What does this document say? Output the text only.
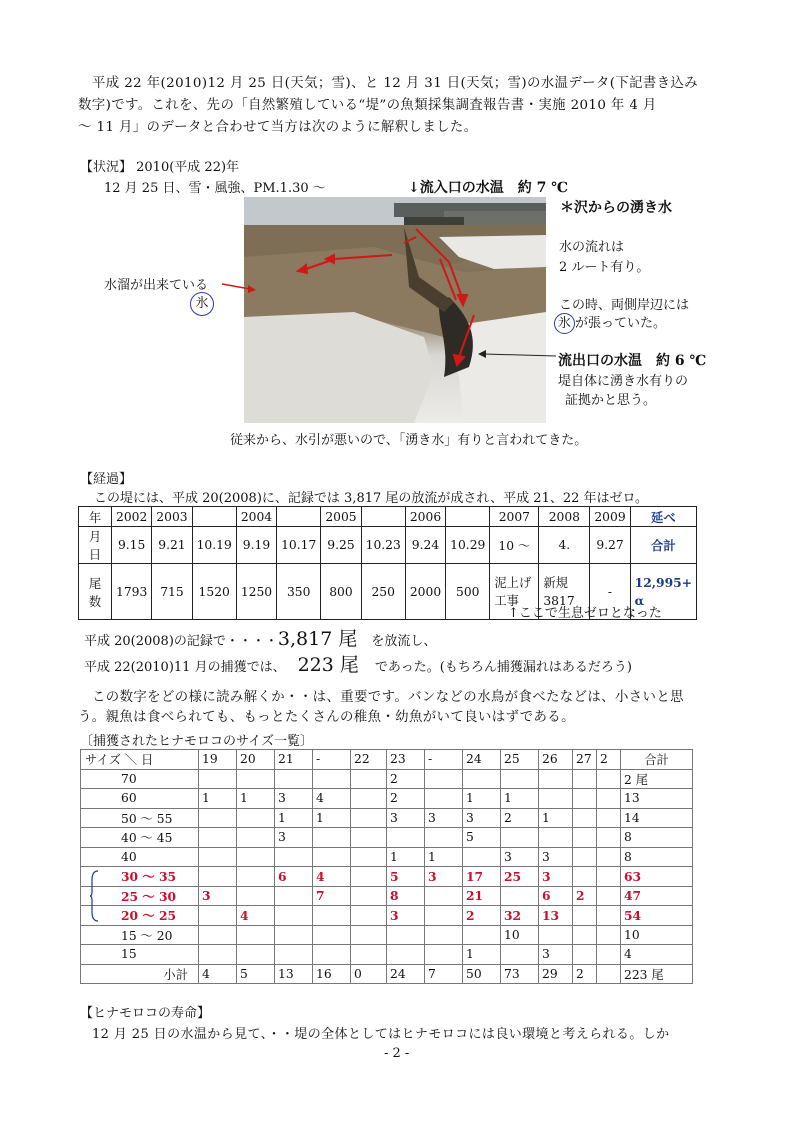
平成 22 年(2010)12 月 25 日(天気；雪)、と 12 月 31 日(天気；雪)の水温データ(下記書き込み

数字)です。これを、先の「自然繁殖している“堤”の魚類採集調査報告書・実施 2010 年 4 月

～ 11 月」のデータと合わせて当方は次のように解釈しました。

【状況】 2010(平成 22)年
12 月 25 日、雪・風強、PM.1.30 ～	↓流入口の水温　約 7 ℃
＊沢からの湧き水
水の流れは
2 ルート有り。
この時、両側岸辺には
氷 が張っていた。
水溜が出来ている
氷
流出口の水温　約 6 ℃
堤自体に湧き水有りの
証拠かと思う。
従来から、水引が悪いので、「湧き水」有りと言われてきた。
【経過】
この堤には、平成 20(2008)に、記録では 3,817 尾の放流が成され、平成 21、22 年はゼロ。
年	2002	2003		2004		2005		2006		2007	2008	2009	延べ
月日	9.15	9.21	10.19	9.19	10.17	9.25	10.23	9.24	10.29	10 ～	4.	9.27	合計
尾数	1793	715	1520	1250	350	800	250	2000	500	泥上げ工事	新規 3817	-	12,995+
α
↑ここで生息ゼロとなった
平成 20(2008)の記録で・・・・3,817 尾 を放流し、
平成 22(2010)11 月の捕獲では、 223 尾 であった。(もちろん捕獲漏れはあるだろう)

この数字をどの様に読み解くか・・は、重要です。バンなどの水鳥が食べたなどは、小さいと思

う。親魚は食べられても、もっとたくさんの稚魚・幼魚がいて良いはずである。

〔捕獲されたヒナモロコのサイズ一覧〕
サイズ ＼ 日	19	20	21	-	22	23	-	24	25	26	27	2	合計
70						2							2 尾
60	1	1	3	4		2		1	1				13
50 ～ 55			1	1		3	3	3	2	1			14
40 ～ 45			3					5					8
40						1	1		3	3			8
30 ～ 35			6	4		5	3	17	25	3			63
25 ～ 30	3			7		8		21		6	2		47
20 ～ 25		4				3		2	32	13			54
15 ～ 20									10				10
15								1		3			4
小計	4	5	13	16	0	24	7	50	73	29	2		223 尾
【ヒナモロコの寿命】
12 月 25 日の水温から見て、・・堤の全体としてはヒナモロコには良い環境と考えられる。しか
- 2 -
